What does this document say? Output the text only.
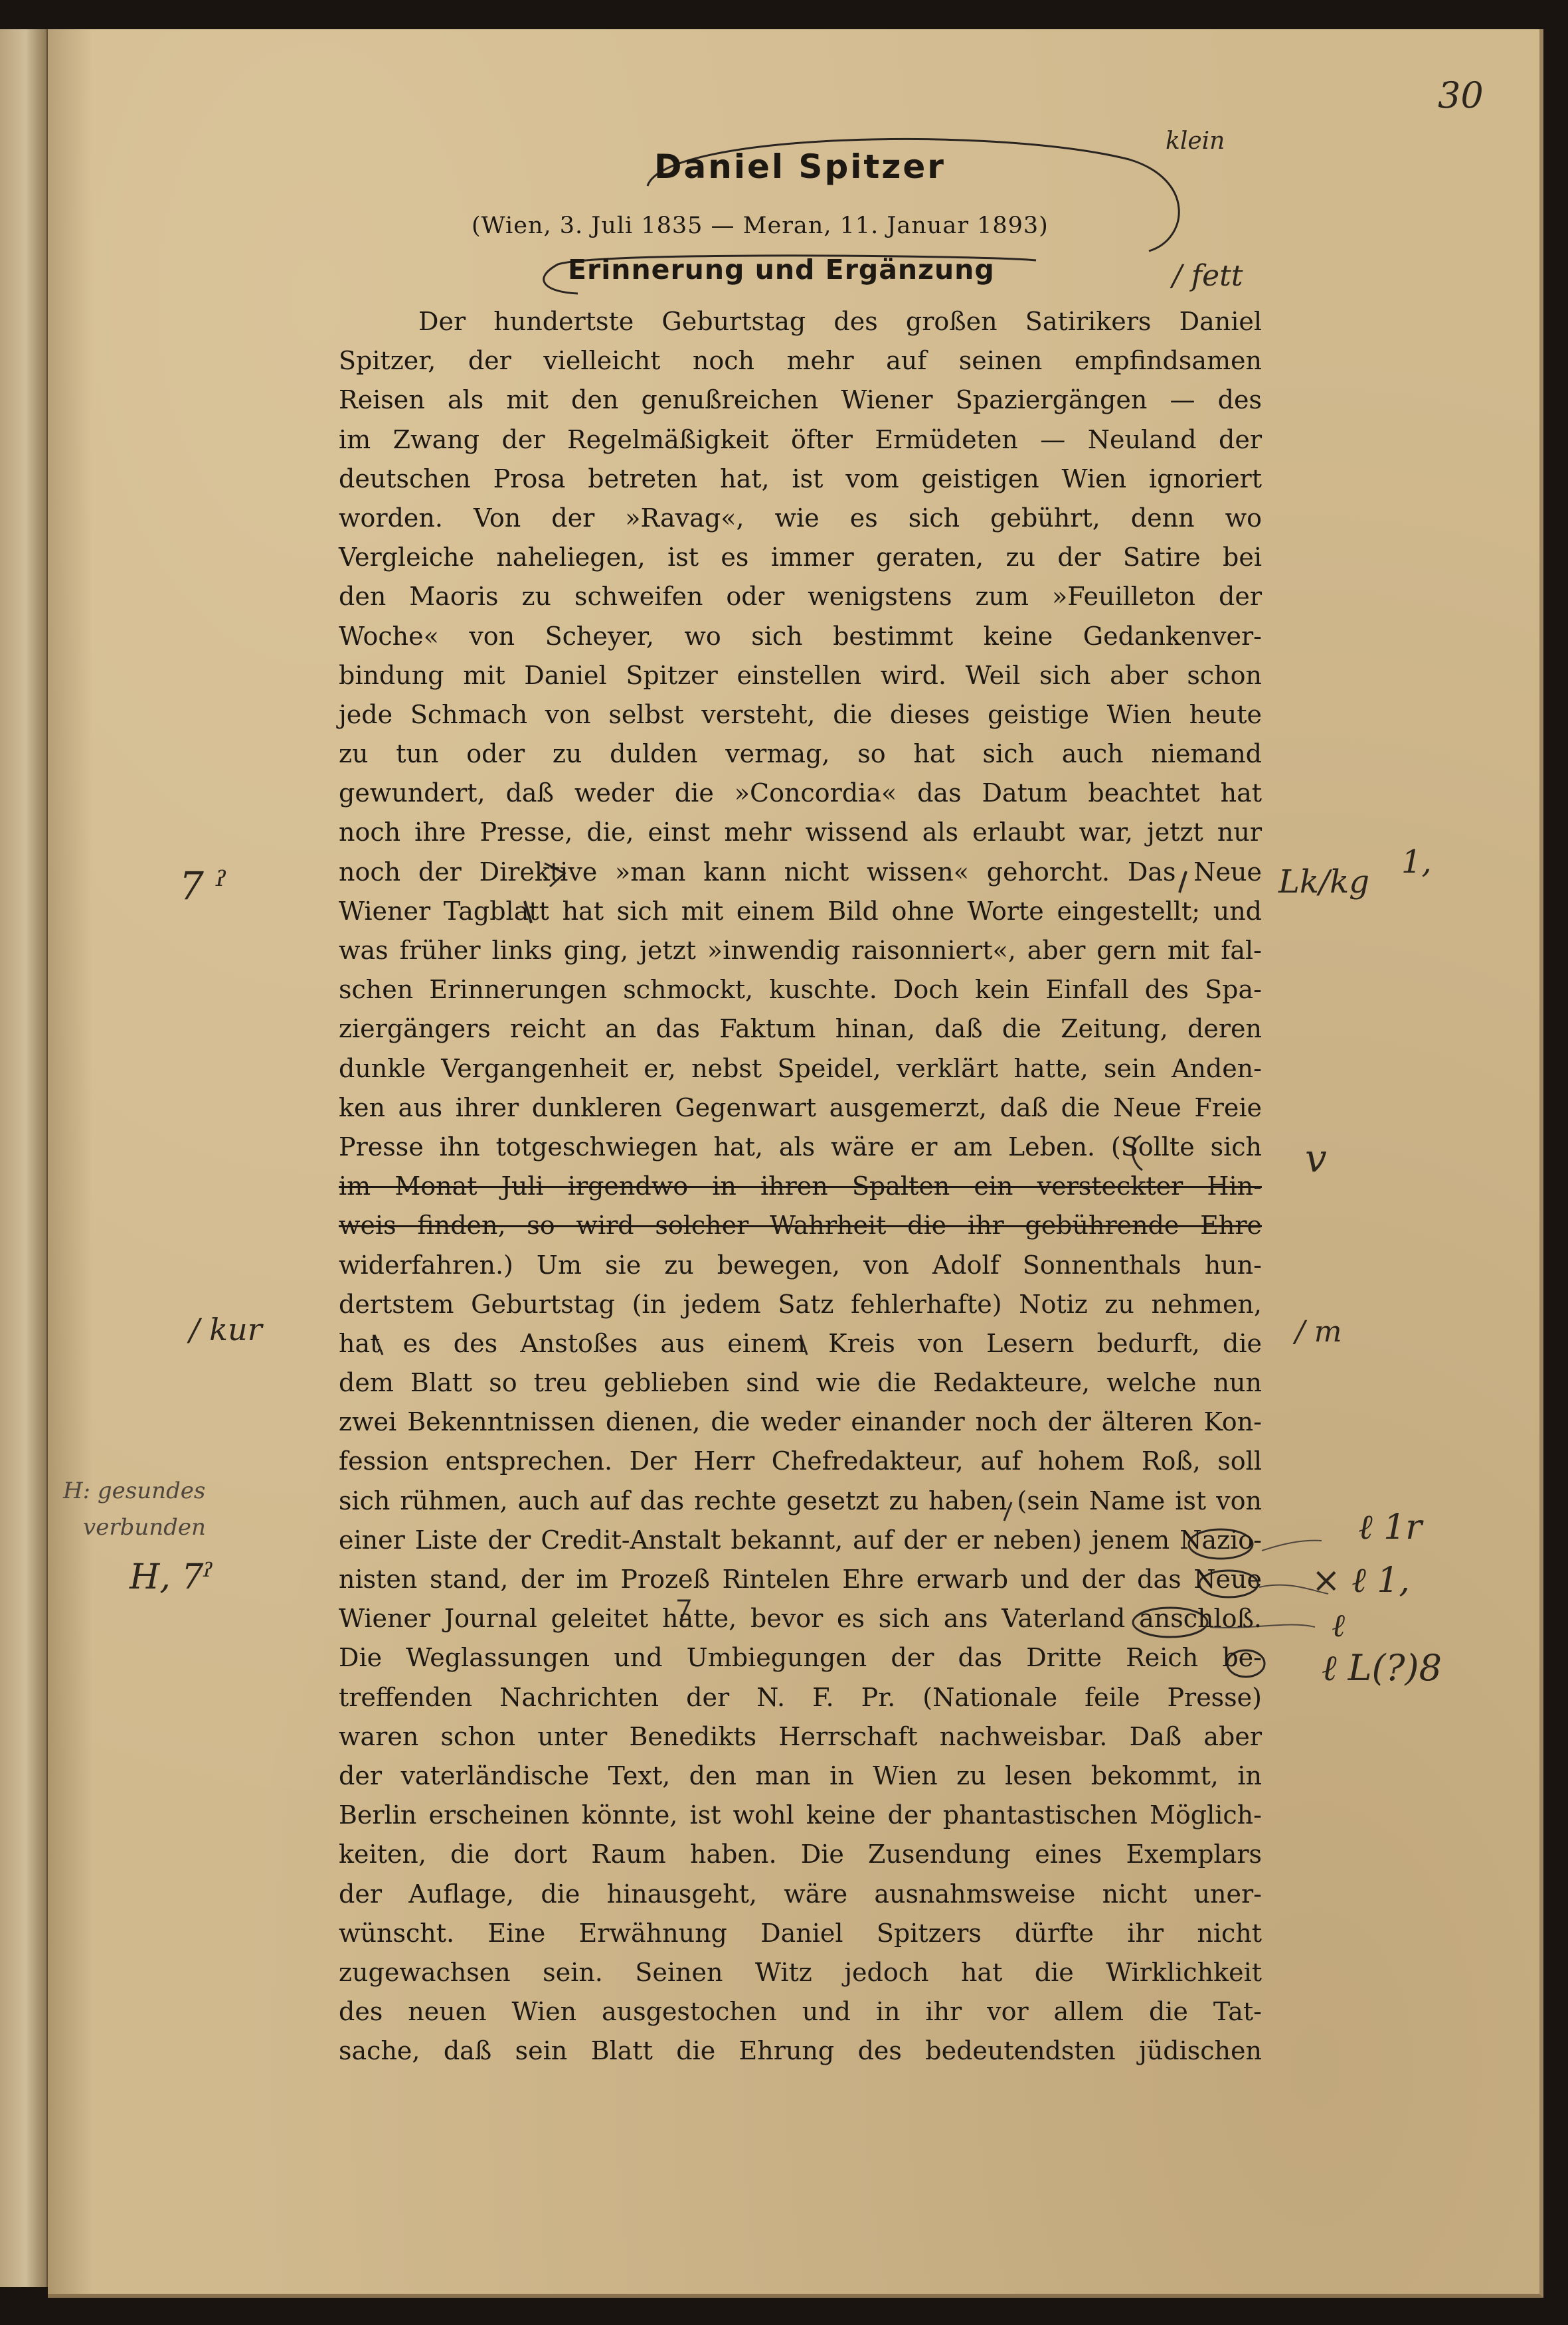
30
Daniel Spitzer
(Wien, 3. Juli 1835 — Meran, 11. Januar 1893)
Erinnerung und Ergänzung
klein
/ fett
7 ˀ	Lk/kg
1,
v
/ kur	/ m
H: gesundes
verbunden
H, 7ˀ
ℓ 1r
× ℓ 1,
ℓ
ℓ L(?)8
Der hundertste Geburtstag des großen Satirikers Daniel
Spitzer, der vielleicht noch mehr auf seinen empfindsamen
Reisen als mit den genußreichen Wiener Spaziergängen — des
im Zwang der Regelmäßigkeit öfter Ermüdeten — Neuland der
deutschen Prosa betreten hat, ist vom geistigen Wien ignoriert
worden. Von der »Ravag«, wie es sich gebührt, denn wo
Vergleiche naheliegen, ist es immer geraten, zu der Satire bei
den Maoris zu schweifen oder wenigstens zum »Feuilleton der
Woche« von Scheyer, wo sich bestimmt keine Gedankenver-
bindung mit Daniel Spitzer einstellen wird. Weil sich aber schon
jede Schmach von selbst versteht, die dieses geistige Wien heute
zu tun oder zu dulden vermag, so hat sich auch niemand
gewundert, daß weder die »Concordia« das Datum beachtet hat
noch ihre Presse, die, einst mehr wissend als erlaubt war, jetzt nur
noch der Direktive »man kann nicht wissen« gehorcht. Das Neue
Wiener Tagblatt hat sich mit einem Bild ohne Worte eingestellt; und
was früher links ging, jetzt »inwendig raisonniert«, aber gern mit fal-
schen Erinnerungen schmockt, kuschte. Doch kein Einfall des Spa-
ziergängers reicht an das Faktum hinan, daß die Zeitung, deren
dunkle Vergangenheit er, nebst Speidel, verklärt hatte, sein Anden-
ken aus ihrer dunkleren Gegenwart ausgemerzt, daß die Neue Freie
Presse ihn totgeschwiegen hat, als wäre er am Leben. (Sollte sich
im Monat Juli irgendwo in ihren Spalten ein versteckter Hin-
weis finden, so wird solcher Wahrheit die ihr gebührende Ehre
widerfahren.) Um sie zu bewegen, von Adolf Sonnenthals hun-
dertstem Geburtstag (in jedem Satz fehlerhafte) Notiz zu nehmen,
hat es des Anstoßes aus einem Kreis von Lesern bedurft, die
dem Blatt so treu geblieben sind wie die Redakteure, welche nun
zwei Bekenntnissen dienen, die weder einander noch der älteren Kon-
fession entsprechen. Der Herr Chefredakteur, auf hohem Roß, soll
sich rühmen, auch auf das rechte gesetzt zu haben (sein Name ist von
einer Liste der Credit-Anstalt bekannt, auf der er neben) jenem Nazio-
nisten stand, der im Prozeß Rintelen Ehre erwarb und der das Neue
Wiener Journal geleitet hatte, bevor es sich ans Vaterland anschloß.
Die Weglassungen und Umbiegungen der das Dritte Reich be-
treffenden Nachrichten der N. F. Pr. (Nationale feile Presse)
waren schon unter Benedikts Herrschaft nachweisbar. Daß aber
der vaterländische Text, den man in Wien zu lesen bekommt, in
Berlin erscheinen könnte, ist wohl keine der phantastischen Möglich-
keiten, die dort Raum haben. Die Zusendung eines Exemplars
der Auflage, die hinausgeht, wäre ausnahmsweise nicht uner-
wünscht. Eine Erwähnung Daniel Spitzers dürfte ihr nicht
zugewachsen sein. Seinen Witz jedoch hat die Wirklichkeit
des neuen Wien ausgestochen und in ihr vor allem die Tat-
sache, daß sein Blatt die Ehrung des bedeutendsten jüdischen
